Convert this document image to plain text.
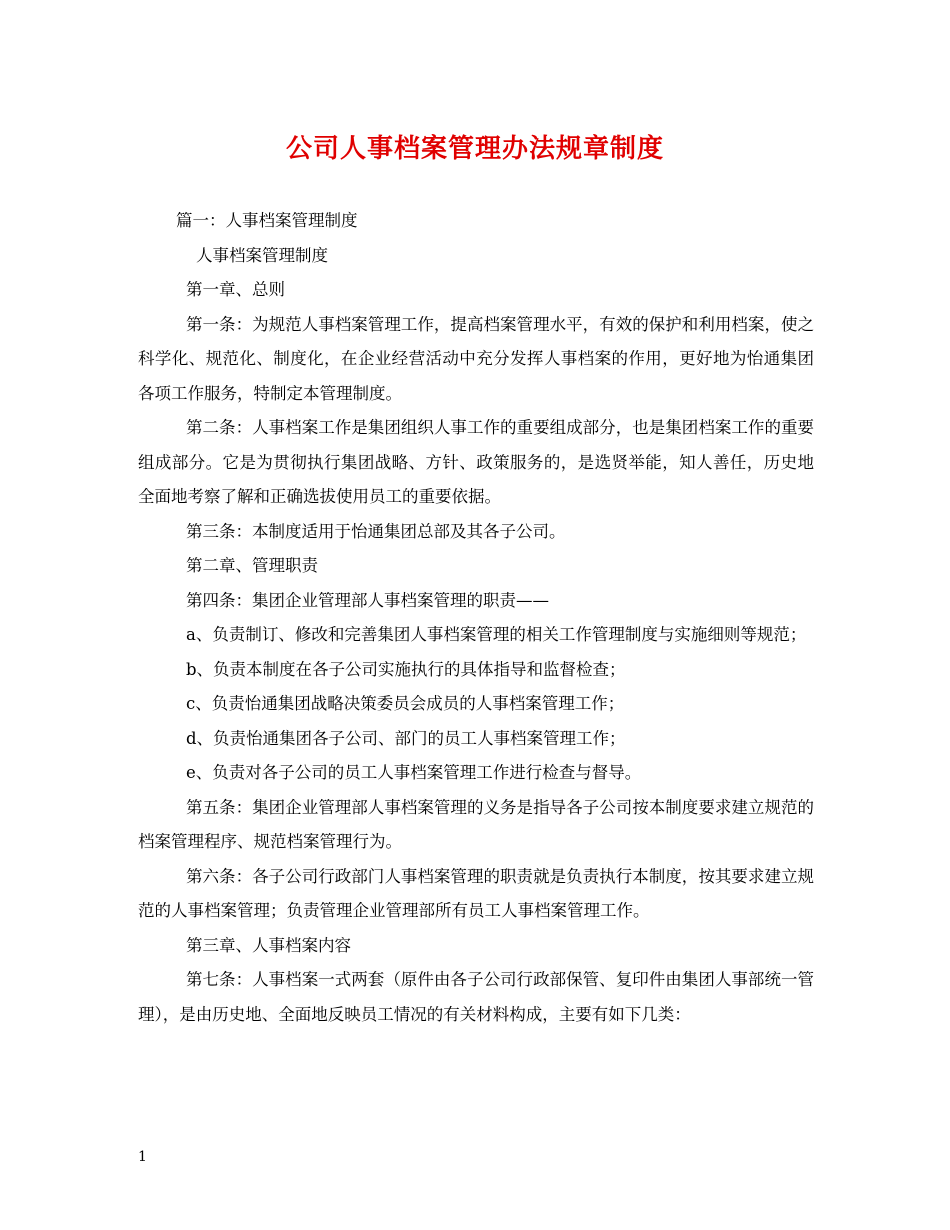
公司人事档案管理办法规章制度

篇一：人事档案管理制度

人事档案管理制度

第一章、总则

第一条：为规范人事档案管理工作，提高档案管理水平，有效的保护和利用档案，使之科学化、规范化、制度化，在企业经营活动中充分发挥人事档案的作用，更好地为怡通集团各项工作服务，特制定本管理制度。

第二条：人事档案工作是集团组织人事工作的重要组成部分，也是集团档案工作的重要组成部分。它是为贯彻执行集团战略、方针、政策服务的，是选贤举能，知人善任，历史地全面地考察了解和正确选拔使用员工的重要依据。

第三条：本制度适用于怡通集团总部及其各子公司。

第二章、管理职责

第四条：集团企业管理部人事档案管理的职责——

a、负责制订、修改和完善集团人事档案管理的相关工作管理制度与实施细则等规范；

b、负责本制度在各子公司实施执行的具体指导和监督检查；

c、负责怡通集团战略决策委员会成员的人事档案管理工作；

d、负责怡通集团各子公司、部门的员工人事档案管理工作；

e、负责对各子公司的员工人事档案管理工作进行检查与督导。

第五条：集团企业管理部人事档案管理的义务是指导各子公司按本制度要求建立规范的档案管理程序、规范档案管理行为。

第六条：各子公司行政部门人事档案管理的职责就是负责执行本制度，按其要求建立规范的人事档案管理；负责管理企业管理部所有员工人事档案管理工作。

第三章、人事档案内容

第七条：人事档案一式两套（原件由各子公司行政部保管、复印件由集团人事部统一管理），是由历史地、全面地反映员工情况的有关材料构成，主要有如下几类：

1
